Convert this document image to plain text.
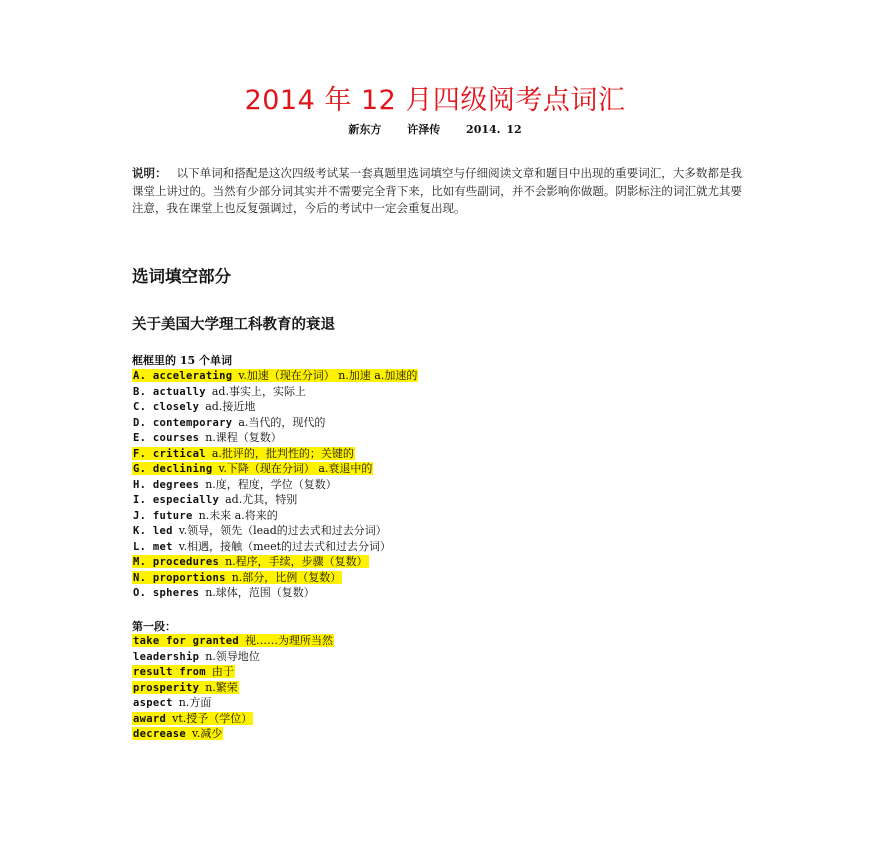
2014 年 12 月四级阅考点词汇
新东方 许泽传 2014. 12
说明： 以下单词和搭配是这次四级考试某一套真题里选词填空与仔细阅读文章和题目中出现的重要词汇，大多数都是我课堂上讲过的。当然有少部分词其实并不需要完全背下来，比如有些副词，并不会影响你做题。阴影标注的词汇就尤其要注意，我在课堂上也反复强调过，今后的考试中一定会重复出现。
选词填空部分
关于美国大学理工科教育的衰退
框框里的 15 个单词
A. accelerating v.加速（现在分词） n.加速 a.加速的
B. actually ad.事实上，实际上
C. closely ad.接近地
D. contemporary a.当代的，现代的
E. courses n.课程（复数）
F. critical a.批评的，批判性的；关键的
G. declining v.下降（现在分词） a.衰退中的
H. degrees n.度，程度，学位（复数）
I. especially ad.尤其，特别
J. future n.未来 a.将来的
K. led v.领导，领先（lead的过去式和过去分词）
L. met v.相遇，接触（meet的过去式和过去分词）
M. procedures n.程序，手续，步骤（复数）
N. proportions n.部分，比例（复数）
O. spheres n.球体，范围（复数）
第一段：
take for granted 视……为理所当然
leadership n.领导地位
result from 由于
prosperity n.繁荣
aspect n.方面
award vt.授予（学位）
decrease v.减少
